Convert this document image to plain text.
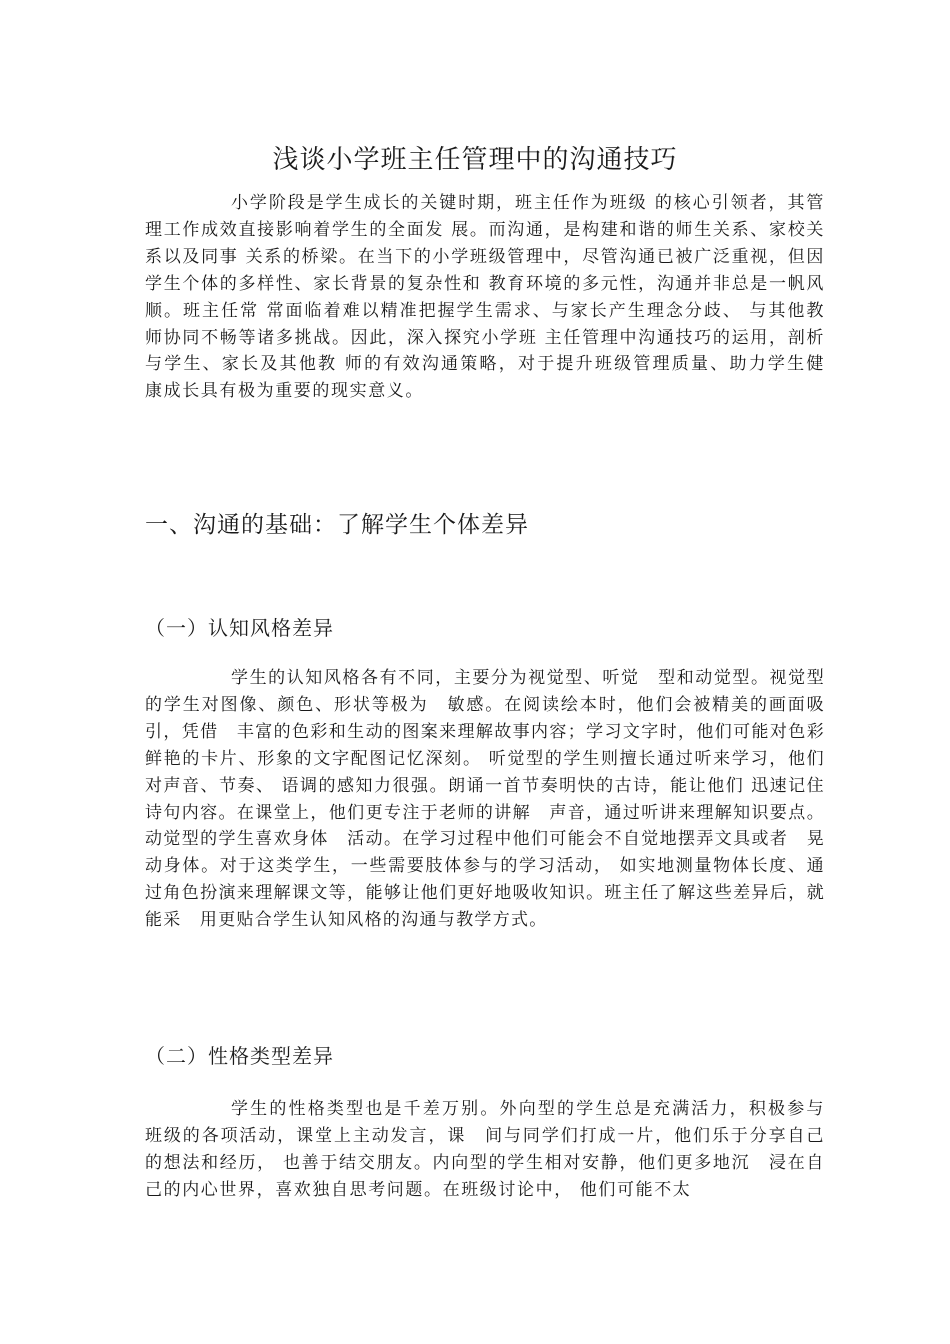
浅谈小学班主任管理中的沟通技巧

小学阶段是学生成长的关键时期，班主任作为班级 的核心引领者，其管理工作成效直接影响着学生的全面发 展。而沟通，是构建和谐的师生关系、家校关系以及同事 关系的桥梁。在当下的小学班级管理中，尽管沟通已被广泛重视，但因学生个体的多样性、家长背景的复杂性和 教育环境的多元性，沟通并非总是一帆风顺。班主任常 常面临着难以精准把握学生需求、与家长产生理念分歧、 与其他教师协同不畅等诸多挑战。因此，深入探究小学班 主任管理中沟通技巧的运用，剖析与学生、家长及其他教 师的有效沟通策略，对于提升班级管理质量、助力学生健 康成长具有极为重要的现实意义。

一、沟通的基础：了解学生个体差异
（一）认知风格差异

学生的认知风格各有不同，主要分为视觉型、听觉　型和动觉型。视觉型的学生对图像、颜色、形状等极为　敏感。在阅读绘本时，他们会被精美的画面吸引，凭借　丰富的色彩和生动的图案来理解故事内容；学习文字时，他们可能对色彩鲜艳的卡片、形象的文字配图记忆深刻。 听觉型的学生则擅长通过听来学习，他们对声音、节奏、 语调的感知力很强。朗诵一首节奏明快的古诗，能让他们 迅速记住诗句内容。在课堂上，他们更专注于老师的讲解　声音，通过听讲来理解知识要点。动觉型的学生喜欢身体　活动。在学习过程中他们可能会不自觉地摆弄文具或者　晃动身体。对于这类学生，一些需要肢体参与的学习活动， 如实地测量物体长度、通过角色扮演来理解课文等，能够让他们更好地吸收知识。班主任了解这些差异后，就能采　用更贴合学生认知风格的沟通与教学方式。

（二）性格类型差异

学生的性格类型也是千差万别。外向型的学生总是充满活力，积极参与班级的各项活动，课堂上主动发言，课　间与同学们打成一片，他们乐于分享自己的想法和经历， 也善于结交朋友。内向型的学生相对安静，他们更多地沉　浸在自己的内心世界，喜欢独自思考问题。在班级讨论中， 他们可能不太
